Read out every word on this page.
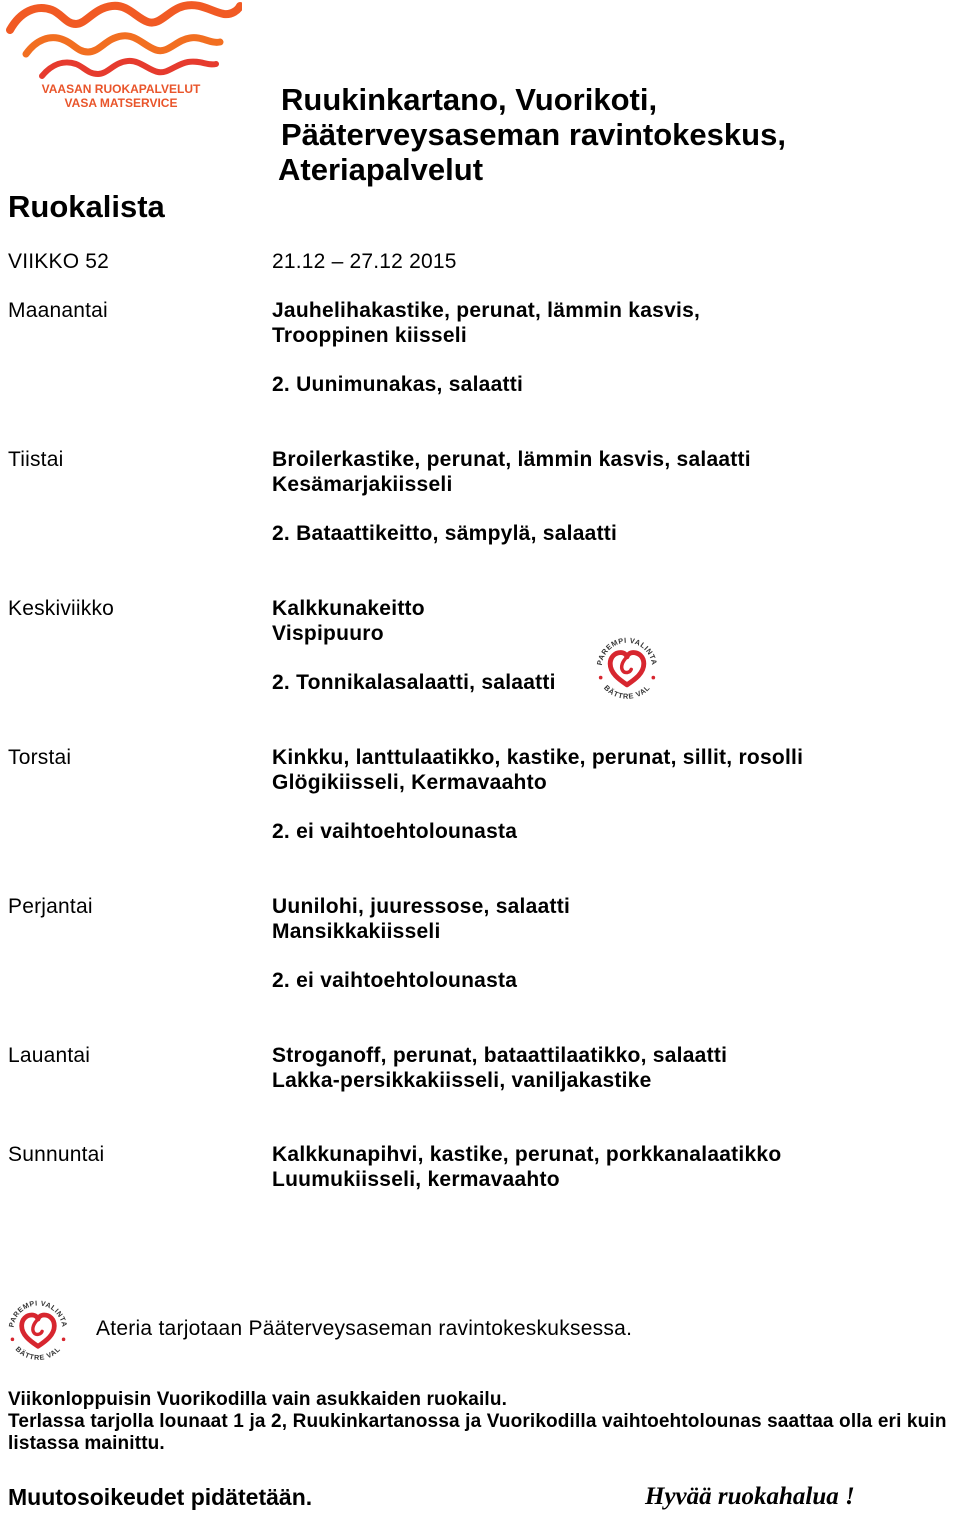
VAASAN RUOKAPALVELUT
VASA MATSERVICE	Ruukinkartano, Vuorikoti,
Pääterveysaseman ravintokeskus,
Ateriapalvelut
Ruokalista
VIIKKO 52	21.12 – 27.12 2015
Maanantai	Jauhelihakastike, perunat, lämmin kasvis,
Trooppinen kiisseli
2. Uunimunakas, salaatti
Tiistai	Broilerkastike, perunat, lämmin kasvis, salaatti
Kesämarjakiisseli
2. Bataattikeitto, sämpylä, salaatti
Keskiviikko	Kalkkunakeitto
Vispipuuro
2. Tonnikalasalaatti, salaatti
Torstai	Kinkku, lanttulaatikko, kastike, perunat, sillit, rosolli
Glögikiisseli, Kermavaahto
2. ei vaihtoehtolounasta
Perjantai	Uunilohi, juuressose, salaatti
Mansikkakiisseli
2. ei vaihtoehtolounasta
Lauantai	Stroganoff, perunat, bataattilaatikko, salaatti
Lakka-persikkakiisseli, vaniljakastike
Sunnuntai	Kalkkunapihvi, kastike, perunat, porkkanalaatikko
Luumukiisseli, kermavaahto
PAREMPI VALINTA
BÄTTRE VAL
PAREMPI VALINTA
BÄTTRE VAL
Ateria tarjotaan Pääterveysaseman ravintokeskuksessa.
Viikonloppuisin Vuorikodilla vain asukkaiden ruokailu.
Terlassa tarjolla lounaat 1 ja 2, Ruukinkartanossa ja Vuorikodilla vaihtoehtolounas saattaa olla eri kuin listassa mainittu.
Muutosoikeudet pidätetään.	Hyvää ruokahalua !
